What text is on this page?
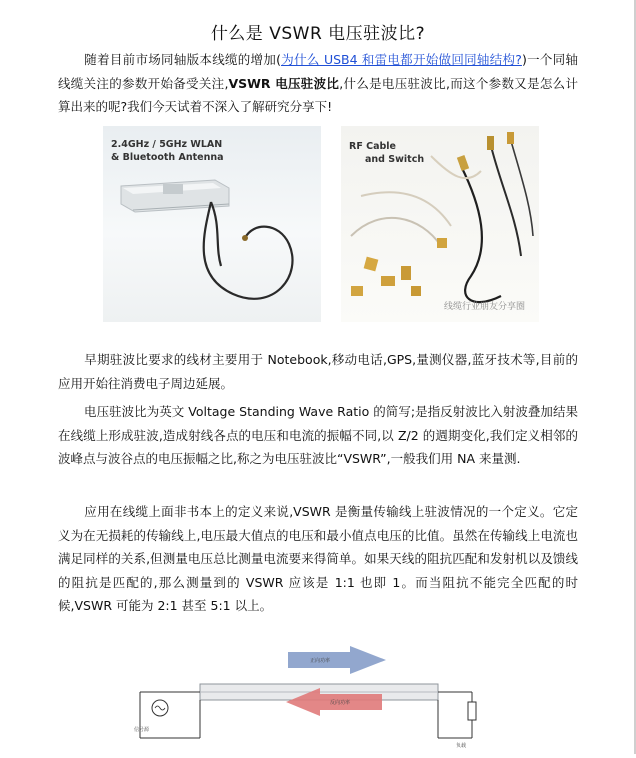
什么是 VSWR 电压驻波比?

随着目前市场同轴版本线缆的增加(为什么 USB4 和雷电都开始做回同轴结构?)一个同轴线缆关注的参数开始备受关注,VSWR 电压驻波比,什么是电压驻波比,而这个参数又是怎么计算出来的呢?我们今天试着不深入了解研究分享下!

2.4GHz / 5GHz WLAN
& Bluetooth Antenna
RF Cable
and Switch
线缆行业朋友分享圈

早期驻波比要求的线材主要用于 Notebook,移动电话,GPS,量测仪器,蓝牙技术等,目前的应用开始往消费电子周边延展。

电压驻波比为英文 Voltage Standing Wave Ratio 的简写;是指反射波比入射波叠加结果在线缆上形成驻波,造成射线各点的电压和电流的振幅不同,以 Z/2 的週期变化,我们定义相邻的波峰点与波谷点的电压振幅之比,称之为电压驻波比“VSWR”,一般我们用 NA 来量测.

应用在线缆上面非书本上的定义来说,VSWR 是衡量传输线上驻波情况的一个定义。它定义为在无损耗的传输线上,电压最大值点的电压和最小值点电压的比值。虽然在传输线上电流也满足同样的关系,但测量电压总比测量电流要来得简单。如果天线的阻抗匹配和发射机以及馈线的阻抗是匹配的,那么测量到的 VSWR 应该是 1:1 也即 1。而当阻抗不能完全匹配的时候,VSWR 可能为 2:1 甚至 5:1 以上。

正向功率
反向功率
信号源
负载
